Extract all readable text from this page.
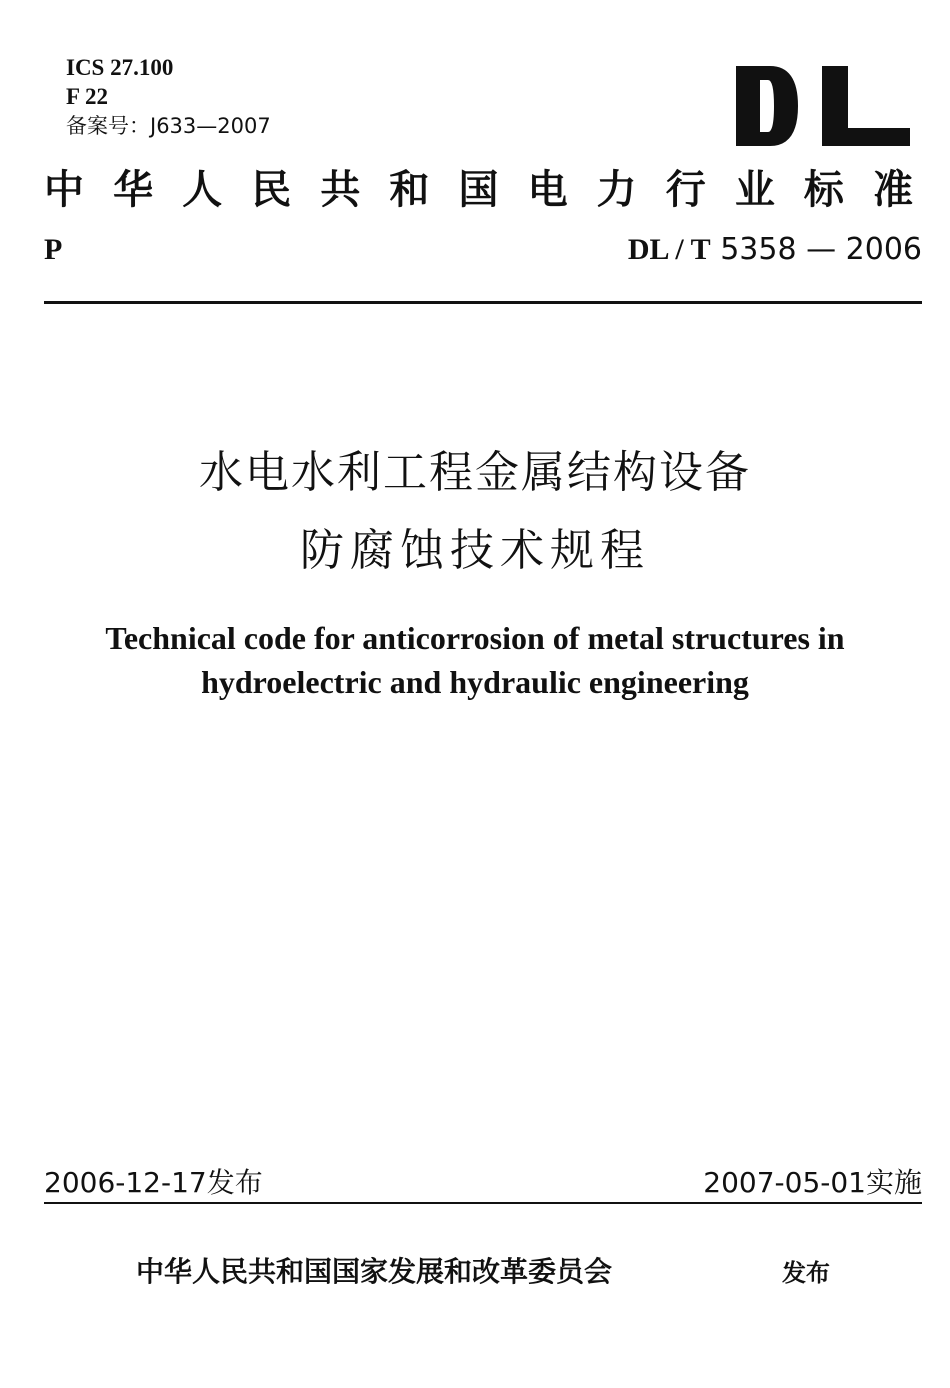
ICS 27.100
F 22
备案号：J633—2007
中华人民共和国电力行业标准
P	DL / T 5358 — 2006
水电水利工程金属结构设备
防腐蚀技术规程
Technical code for anticorrosion of metal structures in
hydroelectric and hydraulic engineering
2006-12-17发布	2007-05-01实施
中华人民共和国国家发展和改革委员会	发布
